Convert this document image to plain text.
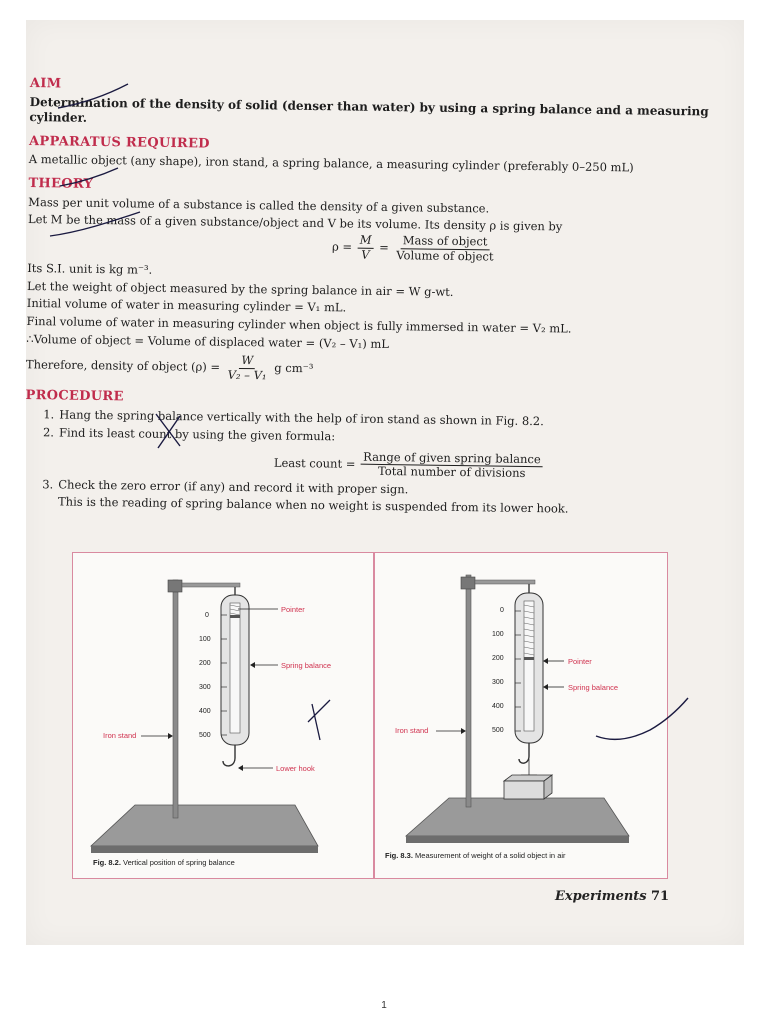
AIM

Determination of the density of solid (denser than water) by using a spring balance and a measuring cylinder.

APPARATUS REQUIRED

A metallic object (any shape), iron stand, a spring balance, a measuring cylinder (preferably 0–250 mL)

THEORY

Mass per unit volume of a substance is called the density of a given substance.

Let M be the mass of a given substance/object and V be its volume. Its density ρ is given by

$\rho = \frac{M}{V} = \frac{\text{Mass of object}}{\text{Volume of object}}$

Its S.I. unit is kg m⁻³.

Let the weight of object measured by the spring balance in air = W g-wt.

Initial volume of water in measuring cylinder = V₁ mL.

Final volume of water in measuring cylinder when object is fully immersed in water = V₂ mL.

∴Volume of object = Volume of displaced water = (V₂ – V₁) mL

Therefore, density of object $(\rho) = \frac{W}{\text{V₂ – V₁}}$ g cm⁻³

PROCEDURE

1. Hang the spring balance vertically with the help of iron stand as shown in Fig. 8.2.

2. Find its least count by using the given formula:

Least count = $\frac{\text{Range of given spring balance}}{\text{Total number of divisions}}$

3. Check the zero error (if any) and record it with proper sign.

This is the reading of spring balance when no weight is suspended from its lower hook.

0
100
200
300
400
500
Pointer
Spring balance
Iron stand
Lower hook
Fig. 8.2. Vertical position of spring balance
0
100
200
300
400
500
Pointer
Spring balance
Iron stand
Fig. 8.3. Measurement of weight of a solid object in air
Experiments 71
1
